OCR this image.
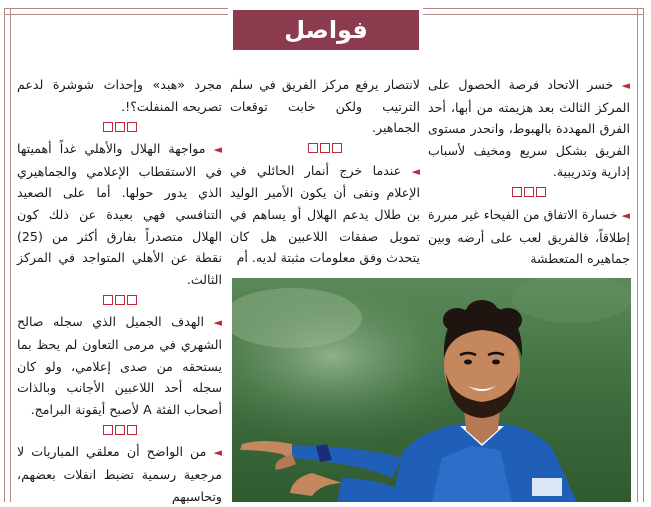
فواصل

◄ خسر الاتحاد فرصة الحصول على المركز الثالث بعد هزيمته من أبها، أحد الفرق المهددة بالهبوط، وانحدر مستوى الفريق بشكل سريع ومخيف لأسباب إدارية وتدريبية.

◄ خسارة الاتفاق من الفيحاء غير مبررة إطلاقاً، فالفريق لعب على أرضه وبين جماهيره المتعطشة

لانتصار يرفع مركز الفريق في سلم الترتيب ولكن خابت توقعات الجماهير.

◄ عندما خرج أنمار الحائلي في الإعلام ونفى أن يكون الأمير الوليد بن طلال يدعم الهلال أو يساهم في تمويل صفقات اللاعبين هل كان يتحدث وفق معلومات مثبتة لديه. أم

مجرد «هبد» وإحداث شوشرة لدعم تصريحه المنفلت؟!.

◄ مواجهة الهلال والأهلي غداً أهميتها في الاستقطاب الإعلامي والجماهيري الذي يدور حولها. أما على الصعيد التنافسي فهي بعيدة عن ذلك كون الهلال متصدراً بفارق أكثر من (25) نقطة عن الأهلي المتواجد في المركز الثالث.

◄ الهدف الجميل الذي سجله صالح الشهري في مرمى التعاون لم يحظ بما يستحقه من صدى إعلامي، ولو كان سجله أحد اللاعبين الأجانب وبالذات أصحاب الفئة A لأصبح أيقونة البرامج.

◄ من الواضح أن معلقي المباريات لا مرجعية رسمية تضبط انفلات بعضهم، وتحاسبهم
